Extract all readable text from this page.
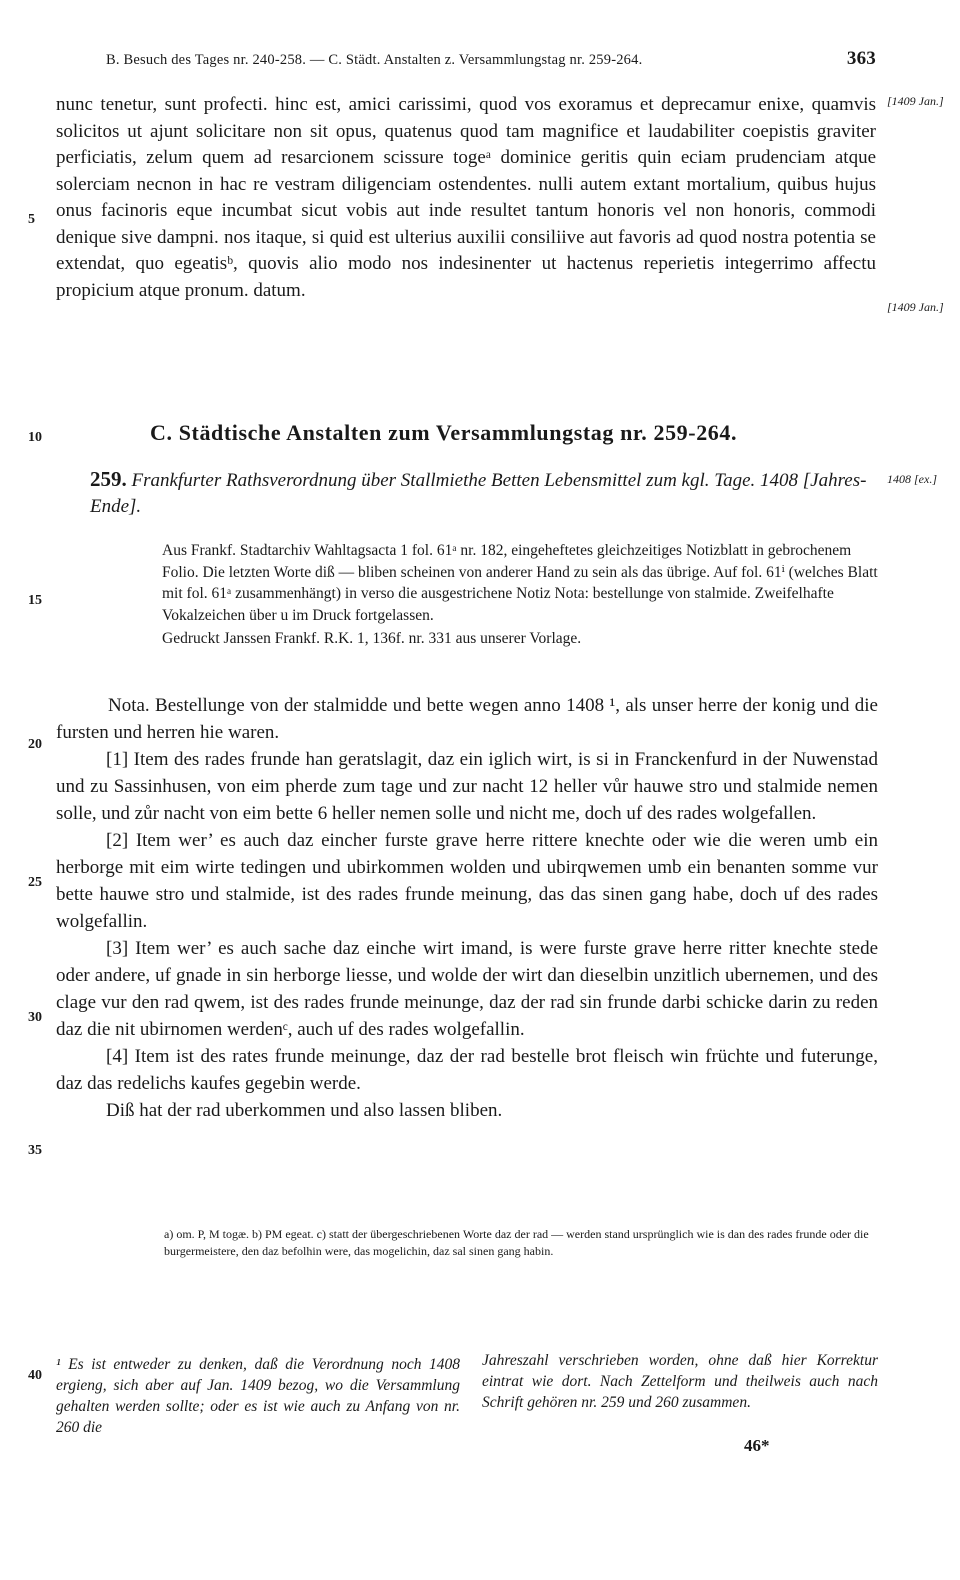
B. Besuch des Tages nr. 240-258. — C. Städt. Anstalten z. Versammlungstag nr. 259-264.	363
5
10
15
20
25
30
35
40
[1409 Jan.]
[1409 Jan.]
1408 [ex.]
nunc tenetur, sunt profecti. hinc est, amici carissimi, quod vos exoramus et deprecamur enixe, quamvis solicitos ut ajunt solicitare non sit opus, quatenus quod tam magnifice et laudabiliter coepistis graviter perficiatis, zelum quem ad resarcionem scissure togeᵃ dominice geritis quin eciam prudenciam atque solerciam necnon in hac re vestram diligenciam ostendentes. nulli autem extant mortalium, quibus hujus onus facinoris eque incumbat sicut vobis aut inde resultet tantum honoris vel non honoris, commodi denique sive dampni. nos itaque, si quid est ulterius auxilii consiliive aut favoris ad quod nostra potentia se extendat, quo egeatisᵇ, quovis alio modo nos indesinenter ut hactenus reperietis integerrimo affectu propicium atque pronum. datum.
C. Städtische Anstalten zum Versammlungstag nr. 259-264.
259. Frankfurter Rathsverordnung über Stallmiethe Betten Lebensmittel zum kgl. Tage. 1408 [Jahres-Ende].
Aus Frankf. Stadtarchiv Wahltagsacta 1 fol. 61ᵃ nr. 182, eingeheftetes gleichzeitiges Notizblatt in gebrochenem Folio. Die letzten Worte diß — bliben scheinen von anderer Hand zu sein als das übrige. Auf fol. 61ⁱ (welches Blatt mit fol. 61ᵃ zusammenhängt) in verso die ausgestrichene Notiz Nota: bestellunge von stalmide. Zweifelhafte Vokalzeichen über u im Druck fortgelassen.
Gedruckt Janssen Frankf. R.K. 1, 136f. nr. 331 aus unserer Vorlage.

Nota. Bestellunge von der stalmidde und bette wegen anno 1408 ¹, als unser herre der konig und die fursten und herren hie waren.

[1] Item des rades frunde han geratslagit, daz ein iglich wirt, is si in Franckenfurd in der Nuwenstad und zu Sassinhusen, von eim pherde zum tage und zur nacht 12 heller vůr hauwe stro und stalmide nemen solle, und zůr nacht von eim bette 6 heller nemen solle und nicht me, doch uf des rades wolgefallen.

[2] Item wer’ es auch daz eincher furste grave herre rittere knechte oder wie die weren umb ein herborge mit eim wirte tedingen und ubirkommen wolden und ubirqwemen umb ein benanten somme vur bette hauwe stro und stalmide, ist des rades frunde meinung, das das sinen gang habe, doch uf des rades wolgefallin.

[3] Item wer’ es auch sache daz einche wirt imand, is were furste grave herre ritter knechte stede oder andere, uf gnade in sin herborge liesse, und wolde der wirt dan dieselbin unzitlich ubernemen, und des clage vur den rad qwem, ist des rades frunde meinunge, daz der rad sin frunde darbi schicke darin zu reden daz die nit ubirnomen werdenᶜ, auch uf des rades wolgefallin.

[4] Item ist des rates frunde meinunge, daz der rad bestelle brot fleisch win früchte und futerunge, daz das redelichs kaufes gegebin werde.

Diß hat der rad uberkommen und also lassen bliben.

a) om. P, M togæ. b) PM egeat. c) statt der übergeschriebenen Worte daz der rad — werden stand ursprünglich wie is dan des rades frunde oder die burgermeistere, den daz befolhin were, das mogelichin, daz sal sinen gang habin.
¹ Es ist entweder zu denken, daß die Verordnung noch 1408 ergieng, sich aber auf Jan. 1409 bezog, wo die Versammlung gehalten werden sollte; oder es ist wie auch zu Anfang von nr. 260 die
Jahreszahl verschrieben worden, ohne daß hier Korrektur eintrat wie dort. Nach Zettelform und theilweis auch nach Schrift gehören nr. 259 und 260 zusammen.
46*
